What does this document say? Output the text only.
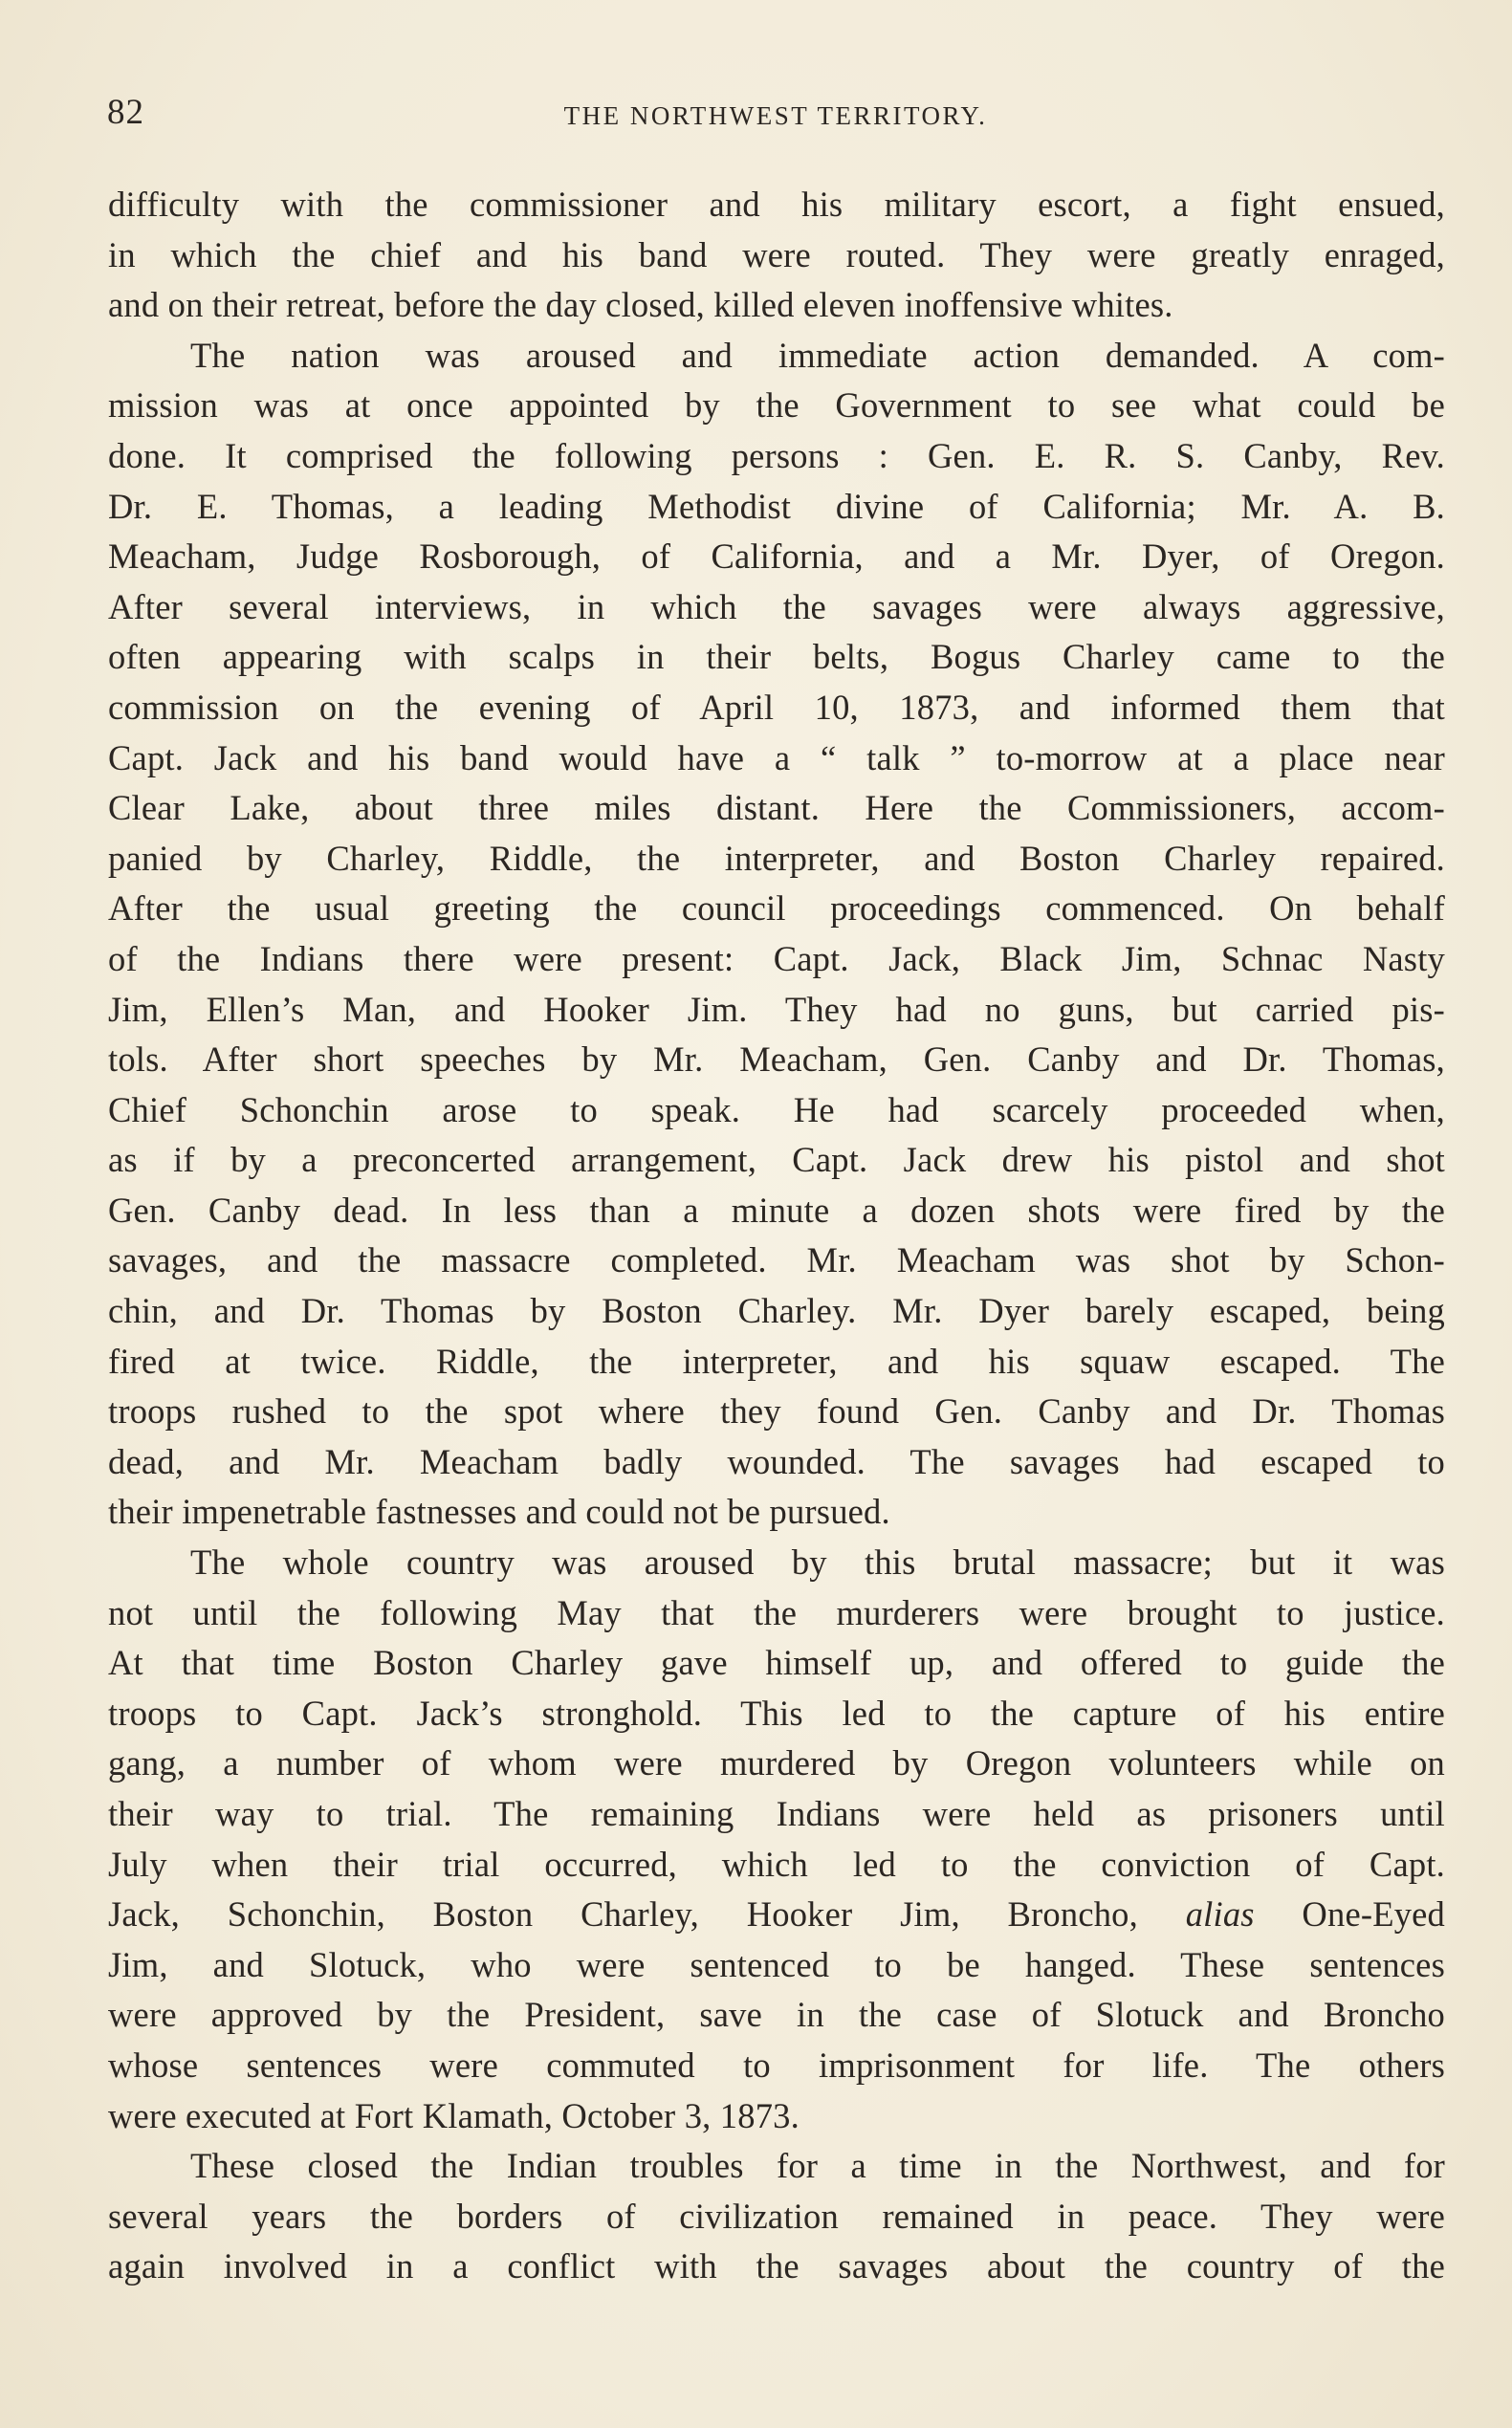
82	THE NORTHWEST TERRITORY.
difficulty with the commissioner and his military escort, a fight ensued,
in which the chief and his band were routed. They were greatly enraged,
and on their retreat, before the day closed, killed eleven inoffensive whites.
The nation was aroused and immediate action demanded. A com-
mission was at once appointed by the Government to see what could be
done. It comprised the following persons : Gen. E. R. S. Canby, Rev.
Dr. E. Thomas, a leading Methodist divine of California; Mr. A. B.
Meacham, Judge Rosborough, of California, and a Mr. Dyer, of Oregon.
After several interviews, in which the savages were always aggressive,
often appearing with scalps in their belts, Bogus Charley came to the
commission on the evening of April 10, 1873, and informed them that
Capt. Jack and his band would have a “ talk ” to-morrow at a place near
Clear Lake, about three miles distant. Here the Commissioners, accom-
panied by Charley, Riddle, the interpreter, and Boston Charley repaired.
After the usual greeting the council proceedings commenced. On behalf
of the Indians there were present: Capt. Jack, Black Jim, Schnac Nasty
Jim, Ellen’s Man, and Hooker Jim. They had no guns, but carried pis-
tols. After short speeches by Mr. Meacham, Gen. Canby and Dr. Thomas,
Chief Schonchin arose to speak. He had scarcely proceeded when,
as if by a preconcerted arrangement, Capt. Jack drew his pistol and shot
Gen. Canby dead. In less than a minute a dozen shots were fired by the
savages, and the massacre completed. Mr. Meacham was shot by Schon-
chin, and Dr. Thomas by Boston Charley. Mr. Dyer barely escaped, being
fired at twice. Riddle, the interpreter, and his squaw escaped. The
troops rushed to the spot where they found Gen. Canby and Dr. Thomas
dead, and Mr. Meacham badly wounded. The savages had escaped to
their impenetrable fastnesses and could not be pursued.
The whole country was aroused by this brutal massacre; but it was
not until the following May that the murderers were brought to justice.
At that time Boston Charley gave himself up, and offered to guide the
troops to Capt. Jack’s stronghold. This led to the capture of his entire
gang, a number of whom were murdered by Oregon volunteers while on
their way to trial. The remaining Indians were held as prisoners until
July when their trial occurred, which led to the conviction of Capt.
Jack, Schonchin, Boston Charley, Hooker Jim, Broncho, alias One-Eyed
Jim, and Slotuck, who were sentenced to be hanged. These sentences
were approved by the President, save in the case of Slotuck and Broncho
whose sentences were commuted to imprisonment for life. The others
were executed at Fort Klamath, October 3, 1873.
These closed the Indian troubles for a time in the Northwest, and for
several years the borders of civilization remained in peace. They were
again involved in a conflict with the savages about the country of the
